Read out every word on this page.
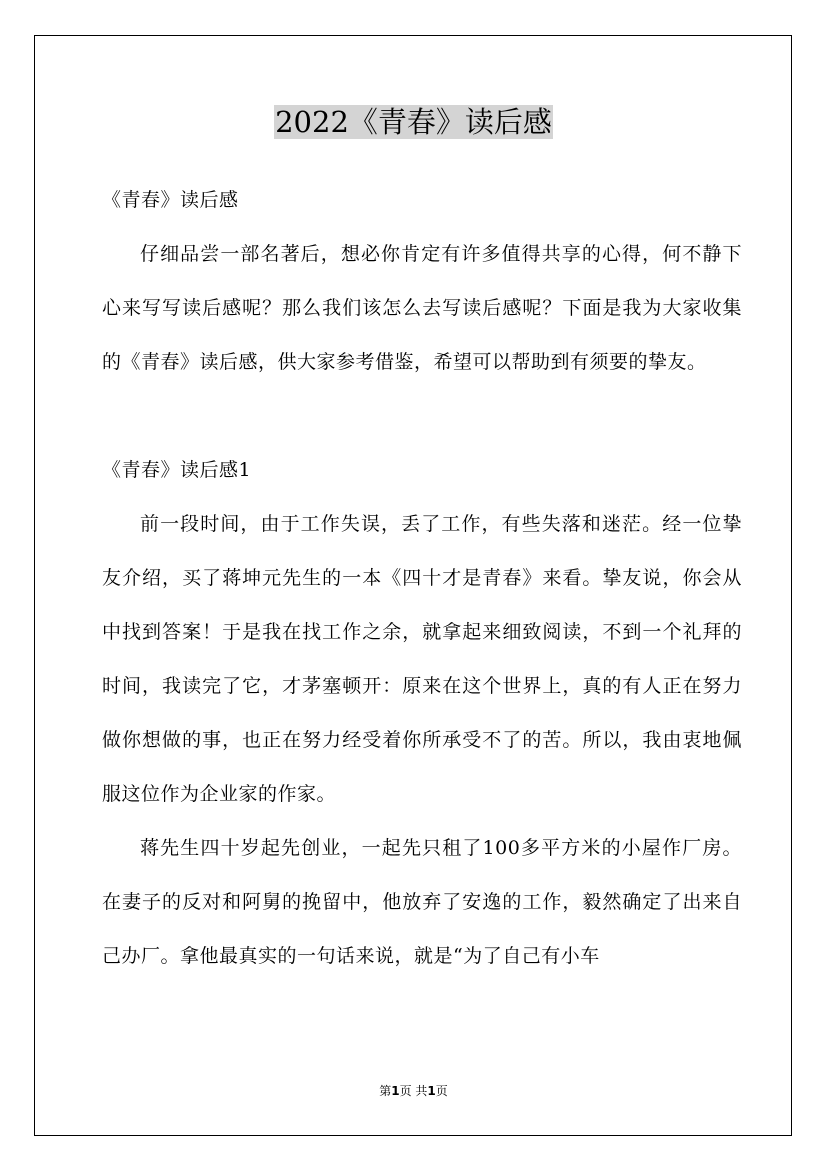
2022《青春》读后感

《青春》读后感

仔细品尝一部名著后，想必你肯定有许多值得共享的心得，何不静下心来写写读后感呢？那么我们该怎么去写读后感呢？下面是我为大家收集的《青春》读后感，供大家参考借鉴，希望可以帮助到有须要的挚友。

《青春》读后感1

前一段时间，由于工作失误，丢了工作，有些失落和迷茫。经一位挚友介绍，买了蒋坤元先生的一本《四十才是青春》来看。挚友说，你会从中找到答案！于是我在找工作之余，就拿起来细致阅读，不到一个礼拜的时间，我读完了它，才茅塞顿开：原来在这个世界上，真的有人正在努力做你想做的事，也正在努力经受着你所承受不了的苦。所以，我由衷地佩服这位作为企业家的作家。

蒋先生四十岁起先创业，一起先只租了100多平方米的小屋作厂房。在妻子的反对和阿舅的挽留中，他放弃了安逸的工作，毅然确定了出来自己办厂。拿他最真实的一句话来说，就是“为了自己有小车

第1页 共1页
